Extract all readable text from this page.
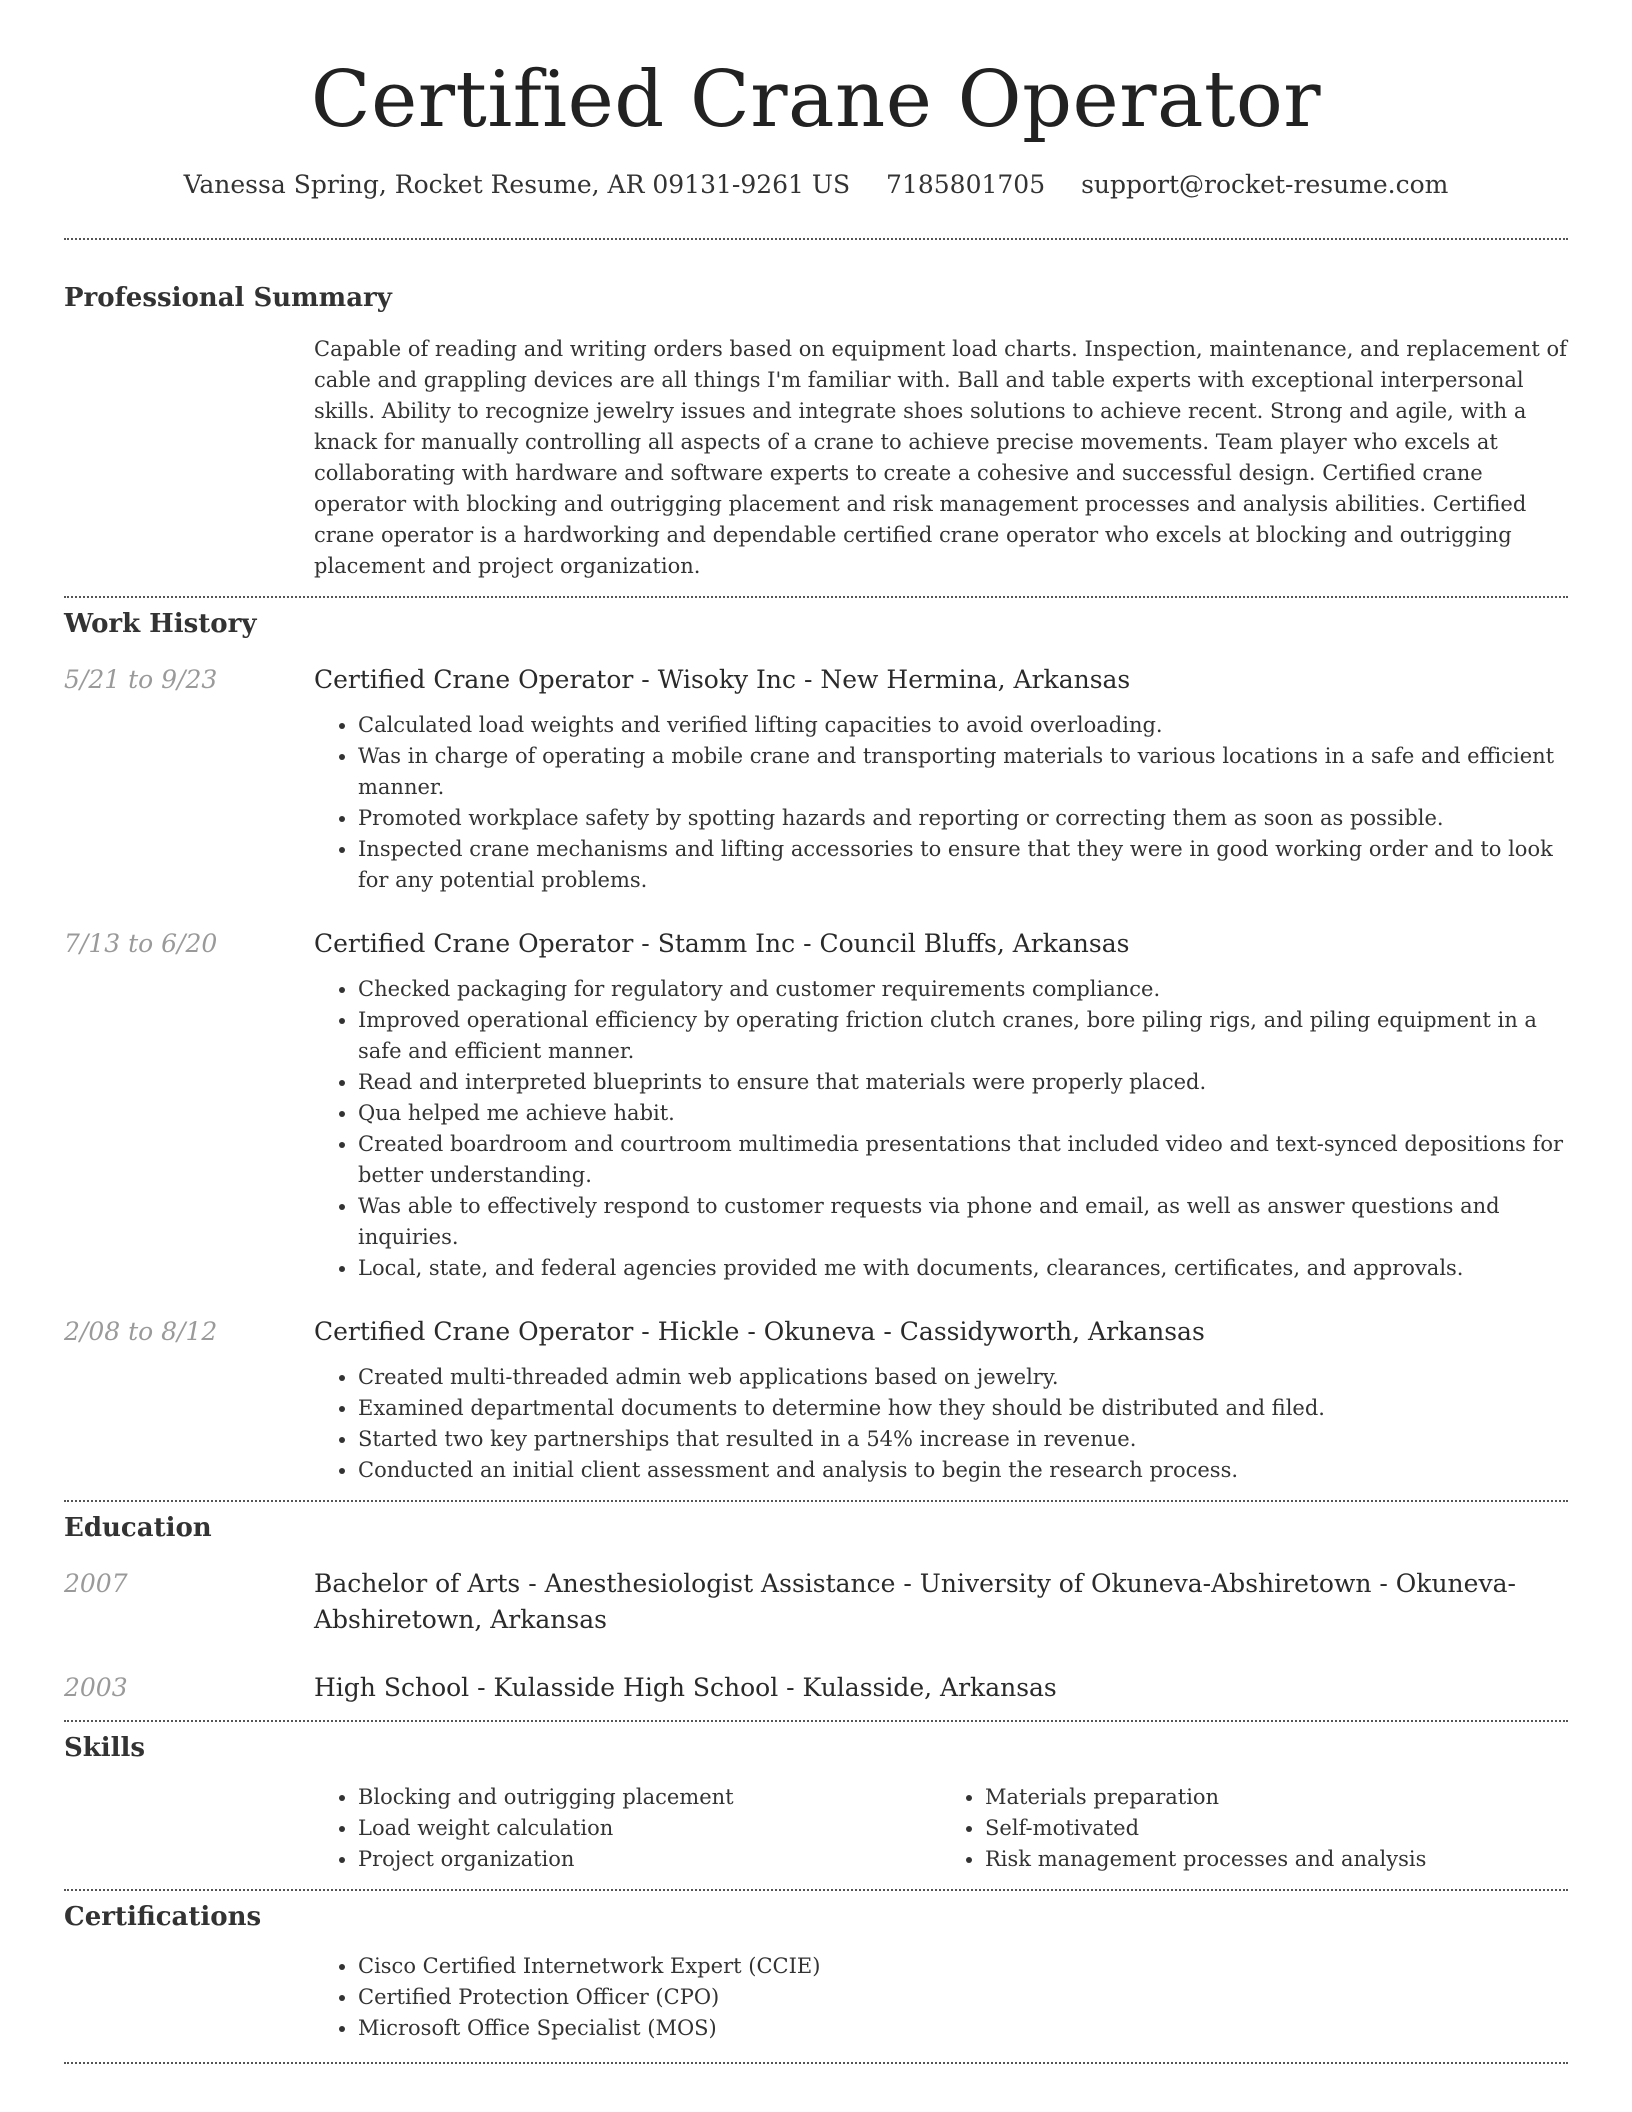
Certified Crane Operator
Vanessa Spring, Rocket Resume, AR 09131-9261 US 7185801705 support@rocket-resume.com
Professional Summary

Capable of reading and writing orders based on equipment load charts. Inspection, maintenance, and replacement of cable and grappling devices are all things I'm familiar with. Ball and table experts with exceptional interpersonal skills. Ability to recognize jewelry issues and integrate shoes solutions to achieve recent. Strong and agile, with a knack for manually controlling all aspects of a crane to achieve precise movements. Team player who excels at collaborating with hardware and software experts to create a cohesive and successful design. Certified crane operator with blocking and outrigging placement and risk management processes and analysis abilities. Certified crane operator is a hardworking and dependable certified crane operator who excels at blocking and outrigging placement and project organization.

Work History
5/21 to 9/23	Certified Crane Operator - Wisoky Inc - New Hermina, Arkansas

• Calculated load weights and verified lifting capacities to avoid overloading.
• Was in charge of operating a mobile crane and transporting materials to various locations in a safe and efficient manner.
• Promoted workplace safety by spotting hazards and reporting or correcting them as soon as possible.
• Inspected crane mechanisms and lifting accessories to ensure that they were in good working order and to look for any potential problems.
7/13 to 6/20	Certified Crane Operator - Stamm Inc - Council Bluffs, Arkansas

• Checked packaging for regulatory and customer requirements compliance.
• Improved operational efficiency by operating friction clutch cranes, bore piling rigs, and piling equipment in a safe and efficient manner.
• Read and interpreted blueprints to ensure that materials were properly placed.
• Qua helped me achieve habit.
• Created boardroom and courtroom multimedia presentations that included video and text-synced depositions for better understanding.
• Was able to effectively respond to customer requests via phone and email, as well as answer questions and inquiries.
• Local, state, and federal agencies provided me with documents, clearances, certificates, and approvals.
2/08 to 8/12	Certified Crane Operator - Hickle - Okuneva - Cassidyworth, Arkansas

• Created multi-threaded admin web applications based on jewelry.
• Examined departmental documents to determine how they should be distributed and filed.
• Started two key partnerships that resulted in a 54% increase in revenue.
• Conducted an initial client assessment and analysis to begin the research process.
Education
2007	Bachelor of Arts - Anesthesiologist Assistance - University of Okuneva-Abshiretown - Okuneva-Abshiretown, Arkansas

2003	High School - Kulasside High School - Kulasside, Arkansas

Skills
• Blocking and outrigging placement
• Load weight calculation
• Project organization
• Materials preparation
• Self-motivated
• Risk management processes and analysis
Certifications
• Cisco Certified Internetwork Expert (CCIE)
• Certified Protection Officer (CPO)
• Microsoft Office Specialist (MOS)
